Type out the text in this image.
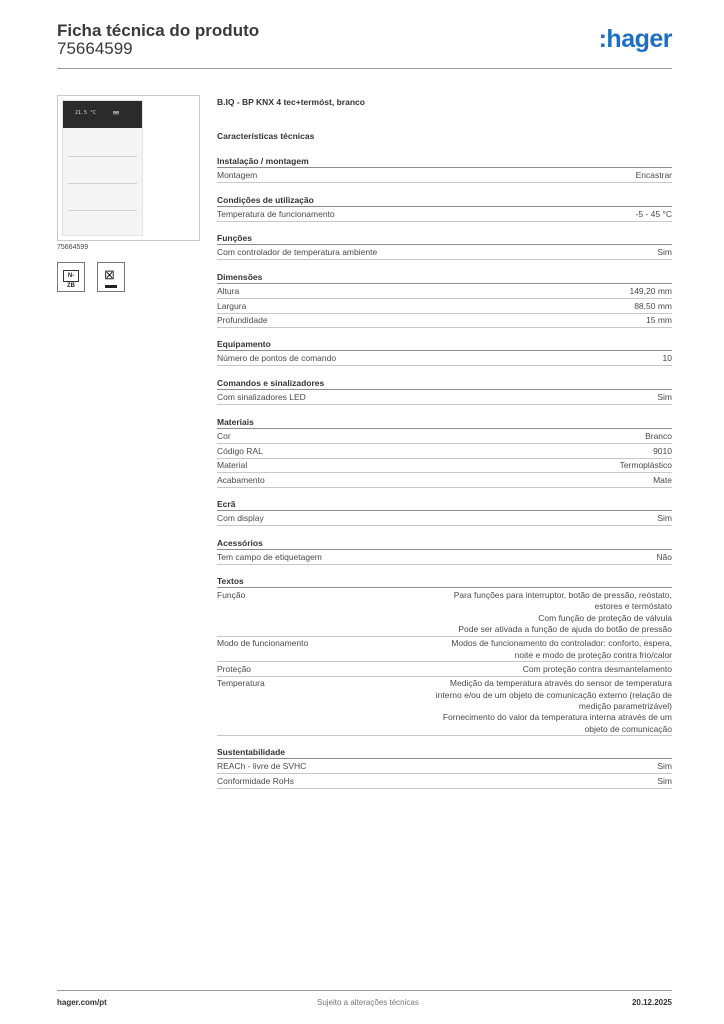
Ficha técnica do produto
75664599	:hager
21.5 °C	▤▤
75664599
N-ZB
⊠
B.IQ - BP KNX 4 tec+termóst, branco
Características técnicas
Instalação / montagem
Montagem	Encastrar
Condições de utilização
Temperatura de funcionamento	-5 - 45 °C
Funções
Com controlador de temperatura ambiente	Sim
Dimensões
Altura	149,20 mm
Largura	88,50 mm
Profundidade	15 mm
Equipamento
Número de pontos de comando	10
Comandos e sinalizadores
Com sinalizadores LED	Sim
Materiais
Cor	Branco
Código RAL	9010
Material	Termoplástico
Acabamento	Mate
Ecrã
Com display	Sim
Acessórios
Tem campo de etiquetagem	Não
Textos
Função	Para funções para interruptor, botão de pressão, reóstato,
estores e termóstato
Com função de proteção de válvula
Pode ser ativada a função de ajuda do botão de pressão
Modo de funcionamento	Modos de funcionamento do controlador: conforto, espera,
noite e modo de proteção contra frio/calor
Proteção	Com proteção contra desmantelamento
Temperatura	Medição da temperatura através do sensor de temperatura
interno e/ou de um objeto de comunicação externo (relação de
medição parametrizável)
Fornecimento do valor da temperatura interna através de um
objeto de comunicação
Sustentabilidade
REACh - livre de SVHC	Sim
Conformidade RoHs	Sim
hager.com/pt	Sujeito a alterações técnicas	20.12.2025
